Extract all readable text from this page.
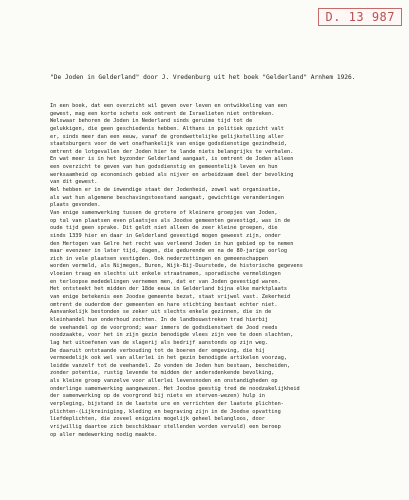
D. 13 987
"De Joden in Gelderland" door J. Vredenburg uit het boek "Gelderland" Arnhem 1926.
In een boek, dat een overzicht wil geven over leven en ontwikkeling van een
gewest, mag een korte schets ook omtrent de Israelieten niet ontbreken.
Welswaar behoren de Joden in Nederland sinds geruime tijd tot de
gelukkigen, die geen geschiedenis hebben. Althans in politiek opzicht valt
er, sinds meer dan een eeuw, vanaf de grondwettelijke gelijkstelling aller
staatsburgers voor de wet onafhankelijk van enige godsdienstige gezindheid,
omtrent de lotgevallen der Joden hier te lande niets belangrijks te verhalen.
En wat meer is in het byzonder Gelderland aangaat, is omtrent de Joden alleen
een overzicht te geven van hun godsdienstig en gemeentelijk leven en hun
werksaamheid op economisch gebied als nijver en arbeidzaam deel der bevolking
van dit gewest.
Wel hebben er in de inwendige staat der Jodenheid, zowel wat organisatie,
als wat hun algemene beschavingstoestand aangaat, gewichtige veranderingen
plaats gevonden.
Van enige samenwerking tussen de grotere of kleinere groepjes van Joden,
op tal van plaatsen even plaatsjes als Joodse gemeenten gevestigd, was in de
oude tijd geen sprake. Dit geldt niet alleen de zeer kleine groepen, die
sinds 1339 hier en daar in Gelderland gevestigd mogen geweest zijn, onder
den Hertogen van Gelre het recht was verleend Joden in hun gebied op te nemen
maar evenzeer in later tijd, dagen, die gedurende en na de 80-jarige oorlog
zich in vele plaatsen vestigden. Ook nederzettingen en gemeenschappen
worden vermeld, als Nijmegen, Buren, Wijk-Bij-Duurstede, de historische gegevens
vloeien traag en slechts uit enkele straatnamen, sporadische vermeldingen
en terloopse mededelingen vernemen men, dat er van Joden gevestigd waren.
Het ontsteekt het midden der 18de eeuw in Gelderland bijna elke marktplaats
van enige betekenis een Joodse gemeente bezat, staat vrijwel vast. Zekerheid
omtrent de ouderdom der gemeenten en hare stichting bestaat echter niet.
Aanvankelijk bestonden se zeker uit slechts enkele gezinnen, die in de
kleinhandel hun onderhoud zochten. In de landbouwstreken trad hierbij
de veehandel op de voorgrond; waar immers de godsdienstwet de Jood reeds
noodzaakte, voor het in zijn gezin benodigde vlees zijn vee te doen slachten,
lag het uitoefenen van de slagerij als bedrijf aanstonds op zijn weg.
De daaruit ontstaande verbouding tot de boeren der omgeving, die hij
vermoedelijk ook wel van allerlei in het gezin benodigde artikelen voorzag,
leidde vanzelf tot de veehandel. Zo vonden de Joden hun bestaan, bescheiden,
zonder potentie, rustig levende te midden der andersdenkende bevolking,
als kleine groep vanzelve voor allerlei levensnoden en onstandigheden op
onderlinge samenwerking aangewezen. Het Joodse geestig tred de noodzakelijkheid
der samenwerking op de voorgrond bij niets en sterven-wezen) hulp in
verpleging, bijstand in de laatste ure en verrichten der laatste plichten-
plichten-(Lijkreiniging, kleding en begraving zijn in de Joodse opvatting
liefdeplichten, die zoveel enigzins mogelijk geheel belangloos, door
vrijwillig daartoe zich beschikbaar stellenden worden vervuld) een beroep
op aller medewerking nodig maakte.
